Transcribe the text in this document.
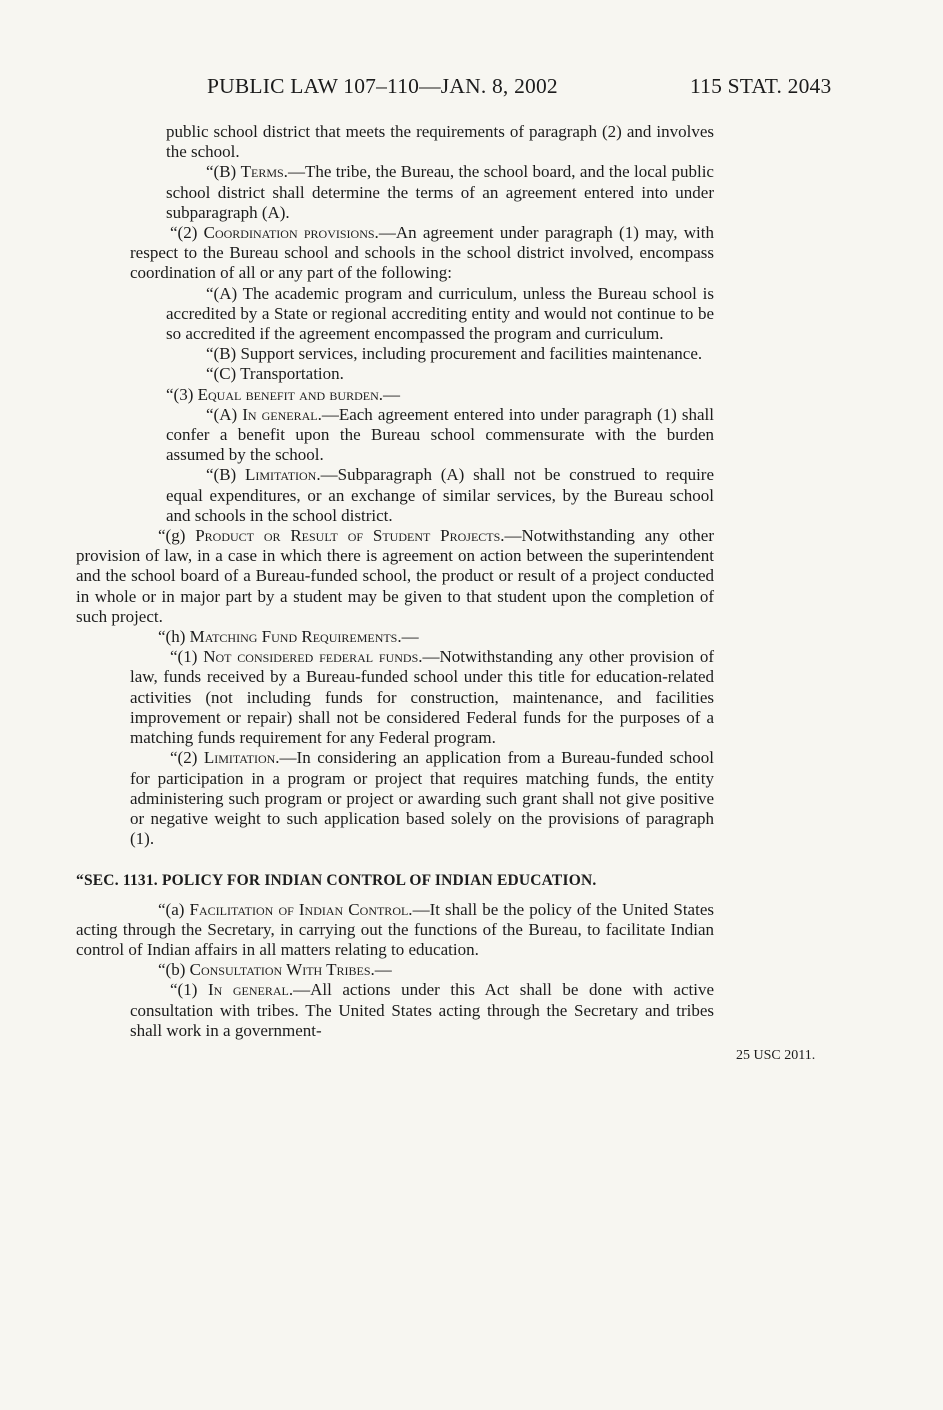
PUBLIC LAW 107–110—JAN. 8, 2002	115 STAT. 2043
25 USC 2011.

public school district that meets the requirements of paragraph (2) and involves the school.

“(B) Terms.—The tribe, the Bureau, the school board, and the local public school district shall determine the terms of an agreement entered into under subparagraph (A).

“(2) Coordination provisions.—An agreement under paragraph (1) may, with respect to the Bureau school and schools in the school district involved, encompass coordination of all or any part of the following:

“(A) The academic program and curriculum, unless the Bureau school is accredited by a State or regional accrediting entity and would not continue to be so accredited if the agreement encompassed the program and curriculum.

“(B) Support services, including procurement and facilities maintenance.

“(C) Transportation.

“(3) Equal benefit and burden.—

“(A) In general.—Each agreement entered into under paragraph (1) shall confer a benefit upon the Bureau school commensurate with the burden assumed by the school.

“(B) Limitation.—Subparagraph (A) shall not be construed to require equal expenditures, or an exchange of similar services, by the Bureau school and schools in the school district.

“(g) Product or Result of Student Projects.—Notwithstanding any other provision of law, in a case in which there is agreement on action between the superintendent and the school board of a Bureau-funded school, the product or result of a project conducted in whole or in major part by a student may be given to that student upon the completion of such project.

“(h) Matching Fund Requirements.—

“(1) Not considered federal funds.—Notwithstanding any other provision of law, funds received by a Bureau-funded school under this title for education-related activities (not including funds for construction, maintenance, and facilities improvement or repair) shall not be considered Federal funds for the purposes of a matching funds requirement for any Federal program.

“(2) Limitation.—In considering an application from a Bureau-funded school for participation in a program or project that requires matching funds, the entity administering such program or project or awarding such grant shall not give positive or negative weight to such application based solely on the provisions of paragraph (1).

“SEC. 1131. POLICY FOR INDIAN CONTROL OF INDIAN EDUCATION.

“(a) Facilitation of Indian Control.—It shall be the policy of the United States acting through the Secretary, in carrying out the functions of the Bureau, to facilitate Indian control of Indian affairs in all matters relating to education.

“(b) Consultation With Tribes.—

“(1) In general.—All actions under this Act shall be done with active consultation with tribes. The United States acting through the Secretary and tribes shall work in a government-
